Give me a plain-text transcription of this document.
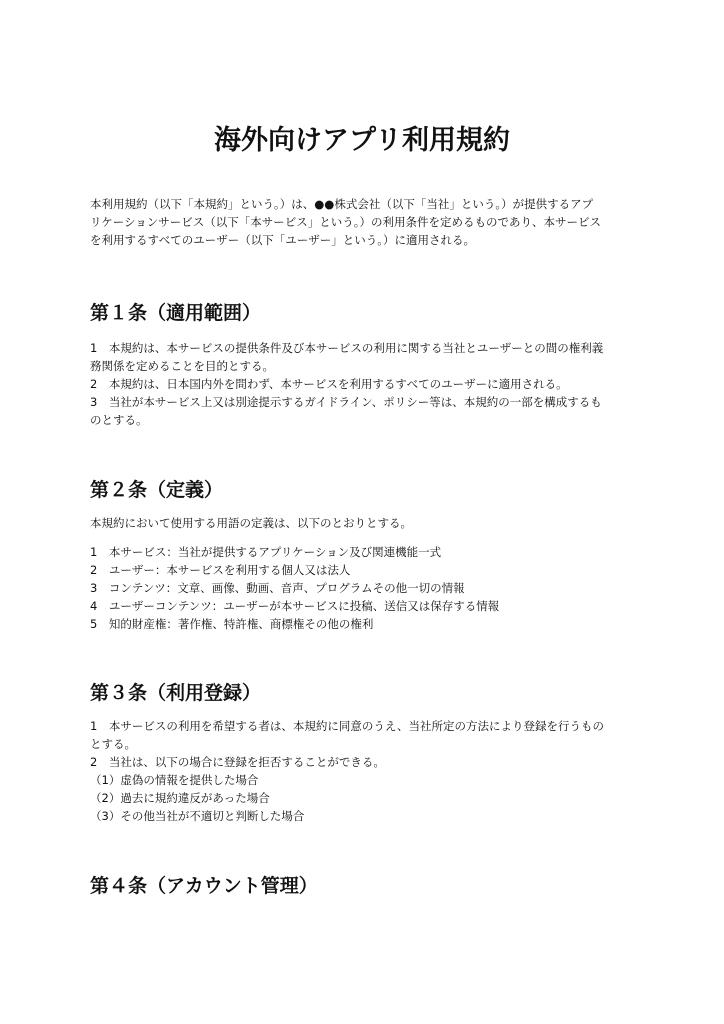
海外向けアプリ利用規約

本利用規約（以下「本規約」という。）は、●●株式会社（以下「当社」という。）が提供するアプ

リケーションサービス（以下「本サービス」という。）の利用条件を定めるものであり、本サービス

を利用するすべてのユーザー（以下「ユーザー」という。）に適用される。

第１条（適用範囲）

1　本規約は、本サービスの提供条件及び本サービスの利用に関する当社とユーザーとの間の権利義

務関係を定めることを目的とする。

2　本規約は、日本国内外を問わず、本サービスを利用するすべてのユーザーに適用される。

3　当社が本サービス上又は別途提示するガイドライン、ポリシー等は、本規約の一部を構成するも

のとする。

第２条（定義）

本規約において使用する用語の定義は、以下のとおりとする。

1　本サービス：当社が提供するアプリケーション及び関連機能一式

2　ユーザー：本サービスを利用する個人又は法人

3　コンテンツ：文章、画像、動画、音声、プログラムその他一切の情報

4　ユーザーコンテンツ：ユーザーが本サービスに投稿、送信又は保存する情報

5　知的財産権：著作権、特許権、商標権その他の権利

第３条（利用登録）

1　本サービスの利用を希望する者は、本規約に同意のうえ、当社所定の方法により登録を行うもの

とする。

2　当社は、以下の場合に登録を拒否することができる。

（1）虚偽の情報を提供した場合

（2）過去に規約違反があった場合

（3）その他当社が不適切と判断した場合

第４条（アカウント管理）
